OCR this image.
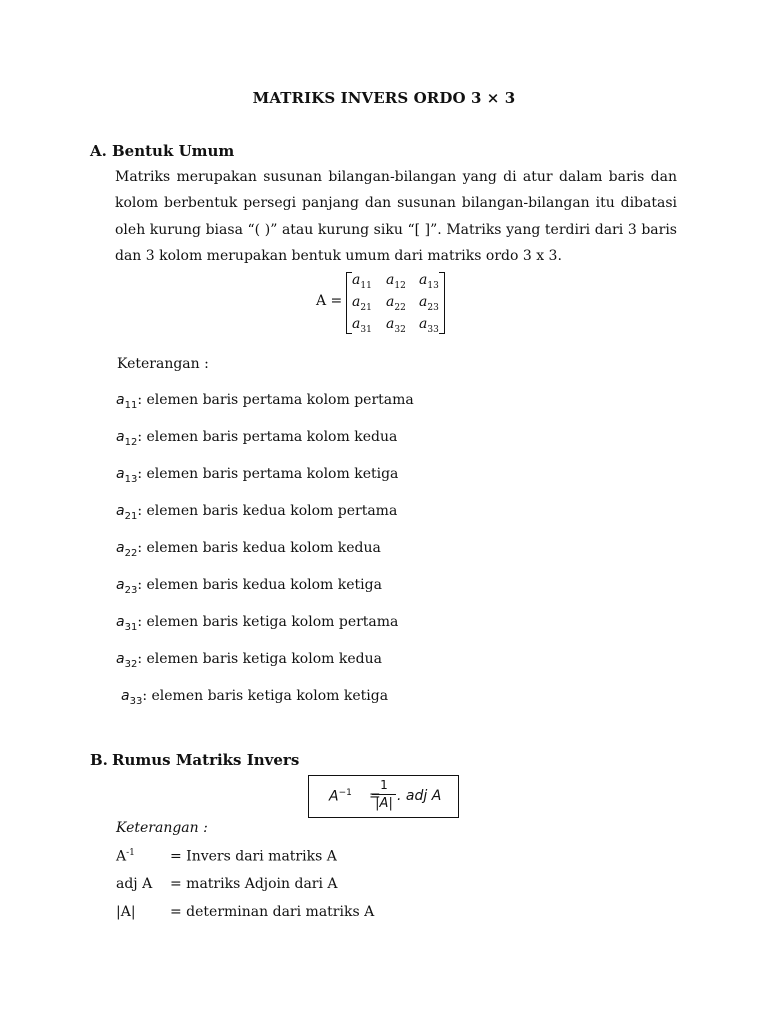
MATRIKS INVERS ORDO 3 × 3
A. Bentuk Umum
Matriks merupakan susunan bilangan-bilangan yang di atur dalam baris dan kolom berbentuk persegi panjang dan susunan bilangan-bilangan itu dibatasi oleh kurung biasa “( )” atau kurung siku “[ ]”. Matriks yang terdiri dari 3 baris dan 3 kolom merupakan bentuk umum dari matriks ordo 3 x 3.
A =
$a_{11}$ $a_{12}$ $a_{13}$
$a_{21}$ $a_{22}$ $a_{23}$
$a_{31}$ $a_{32}$ $a_{33}$
Keterangan :
$a_{11}$: elemen baris pertama kolom pertama
$a_{12}$: elemen baris pertama kolom kedua
$a_{13}$: elemen baris pertama kolom ketiga
$a_{21}$: elemen baris kedua kolom pertama
$a_{22}$: elemen baris kedua kolom kedua
$a_{23}$: elemen baris kedua kolom ketiga
$a_{31}$: elemen baris ketiga kolom pertama
$a_{32}$: elemen baris ketiga kolom kedua
$a_{33}$: elemen baris ketiga kolom ketiga
B. Rumus Matriks Invers
$A^{-1}$ =
1
|A| . adj A
Keterangan :
$A^{-1}$	= Invers dari matriks A
adj A = matriks Adjoin dari A
|A| = determinan dari matriks A
